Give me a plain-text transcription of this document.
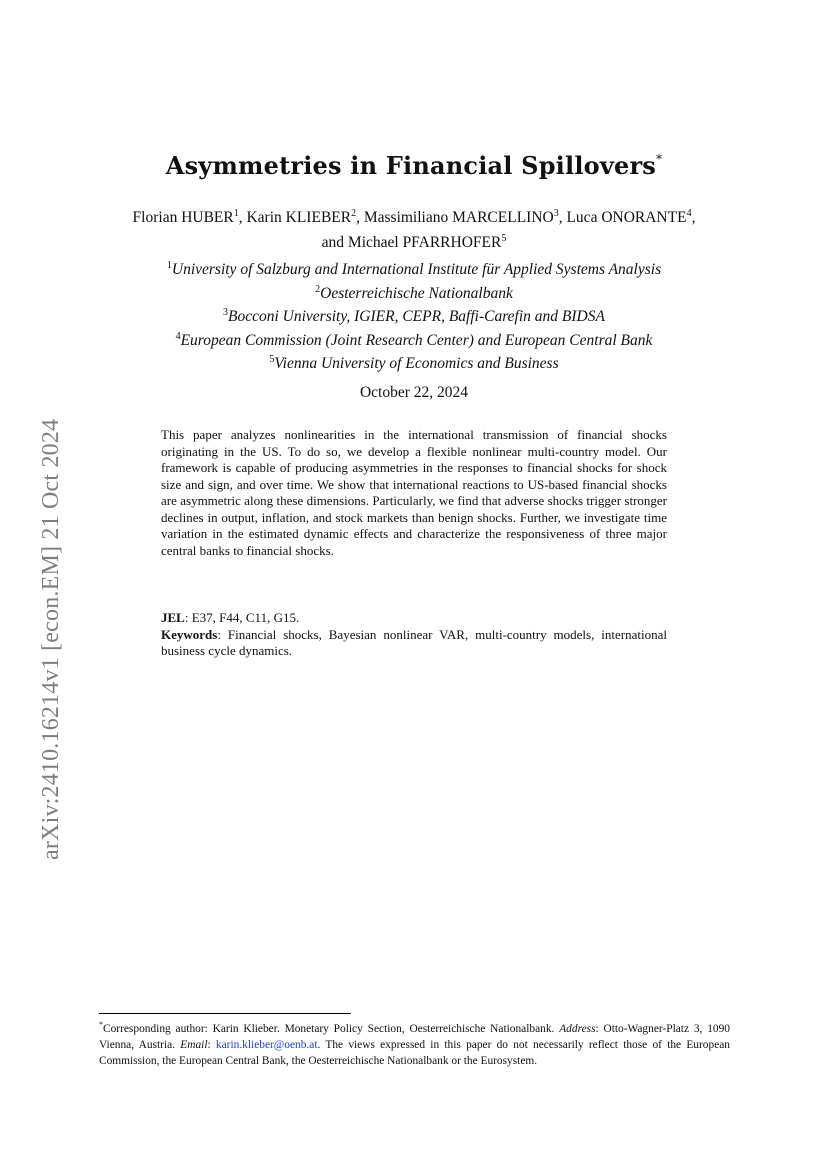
arXiv:2410.16214v1 [econ.EM] 21 Oct 2024
Asymmetries in Financial Spillovers*
Florian HUBER$^1$, Karin KLIEBER$^2$, Massimiliano MARCELLINO$^3$, Luca ONORANTE$^4$, and Michael PFARRHOFER$^5$
$^1$University of Salzburg and International Institute für Applied Systems Analysis
$^2$Oesterreichische Nationalbank
$^3$Bocconi University, IGIER, CEPR, Baffi-Carefin and BIDSA
$^4$European Commission (Joint Research Center) and European Central Bank
$^5$Vienna University of Economics and Business
October 22, 2024
This paper analyzes nonlinearities in the international transmission of financial shocks originating in the US. To do so, we develop a flexible nonlinear multi-country model. Our framework is capable of producing asymmetries in the responses to financial shocks for shock size and sign, and over time. We show that international reactions to US-based financial shocks are asymmetric along these dimensions. Particularly, we find that adverse shocks trigger stronger declines in output, inflation, and stock markets than benign shocks. Further, we investigate time variation in the estimated dynamic effects and characterize the responsiveness of three major central banks to financial shocks.
JEL: E37, F44, C11, G15.
Keywords: Financial shocks, Bayesian nonlinear VAR, multi-country models, international business cycle dynamics.
*Corresponding author: Karin Klieber. Monetary Policy Section, Oesterreichische Nationalbank. Address: Otto-Wagner-Platz 3, 1090 Vienna, Austria. Email: karin.klieber@oenb.at. The views expressed in this paper do not necessarily reflect those of the European Commission, the European Central Bank, the Oesterreichische Nationalbank or the Eurosystem.
